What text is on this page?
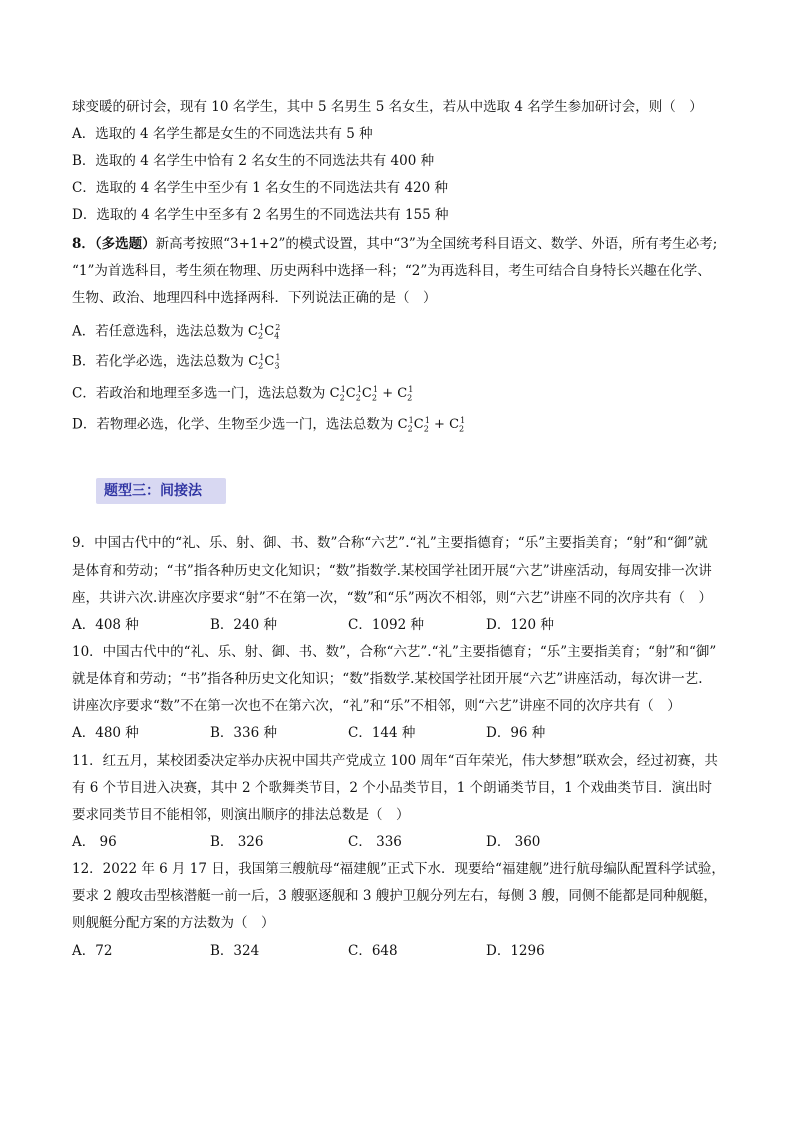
球变暖的研讨会，现有 10 名学生，其中 5 名男生 5 名女生，若从中选取 4 名学生参加研讨会，则（　）
A．选取的 4 名学生都是女生的不同选法共有 5 种
B．选取的 4 名学生中恰有 2 名女生的不同选法共有 400 种
C．选取的 4 名学生中至少有 1 名女生的不同选法共有 420 种
D．选取的 4 名学生中至多有 2 名男生的不同选法共有 155 种
8．（多选题）新高考按照“3+1+2”的模式设置，其中“3”为全国统考科目语文、数学、外语，所有考生必考;
“1”为首选科目，考生须在物理、历史两科中选择一科；“2”为再选科目，考生可结合自身特长兴趣在化学、
生物、政治、地理四科中选择两科．下列说法正确的是（　）
A．若任意选科，选法总数为 $C_2^1C_4^2$
B．若化学必选，选法总数为 $C_2^1C_3^1$
C．若政治和地理至多选一门，选法总数为 $C_2^1C_2^1C_2^1 + C_2^1$
D．若物理必选，化学、生物至少选一门，选法总数为 $C_2^1C_2^1 + C_2^1$
题型三：间接法
9．中国古代中的“礼、乐、射、御、书、数”合称“六艺”.“礼”主要指德育；“乐”主要指美育；“射”和“御”就
是体育和劳动；“书”指各种历史文化知识；“数”指数学.某校国学社团开展“六艺”讲座活动，每周安排一次讲
座，共讲六次.讲座次序要求“射”不在第一次，“数”和“乐”两次不相邻，则“六艺”讲座不同的次序共有（　）
A．408 种	B．240 种	C．1092 种	D．120 种
10．中国古代中的“礼、乐、射、御、书、数”，合称“六艺”.“礼”主要指德育；“乐”主要指美育；“射”和“御”
就是体育和劳动；“书”指各种历史文化知识；“数”指数学.某校国学社团开展“六艺”讲座活动，每次讲一艺.
讲座次序要求“数”不在第一次也不在第六次，“礼”和“乐”不相邻，则“六艺”讲座不同的次序共有（　）
A．480 种	B．336 种	C．144 种	D．96 种
11．红五月，某校团委决定举办庆祝中国共产党成立 100 周年“百年荣光，伟大梦想”联欢会，经过初赛，共
有 6 个节目进入决赛，其中 2 个歌舞类节目，2 个小品类节目，1 个朗诵类节目，1 个戏曲类节目．演出时
要求同类节目不能相邻，则演出顺序的排法总数是（　）
A． 96	B． 326	C． 336	D． 360
12．2022 年 6 月 17 日，我国第三艘航母“福建舰”正式下水．现要给“福建舰”进行航母编队配置科学试验，
要求 2 艘攻击型核潜艇一前一后，3 艘驱逐舰和 3 艘护卫舰分列左右，每侧 3 艘，同侧不能都是同种舰艇，
则舰艇分配方案的方法数为（　）
A．72	B．324	C．648	D．1296
